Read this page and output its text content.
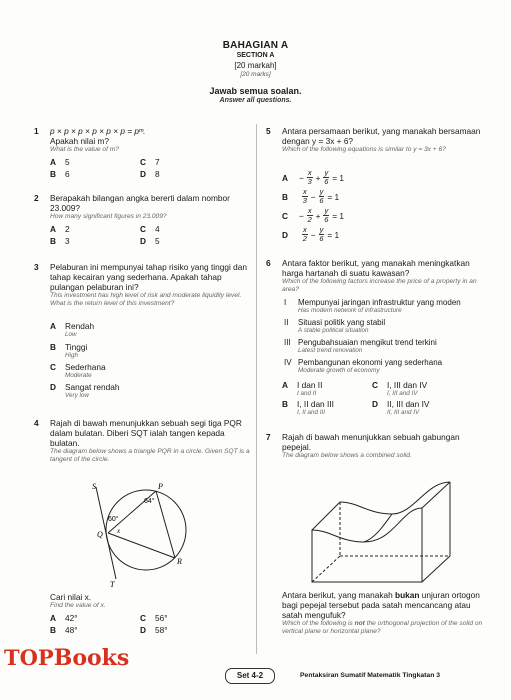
BAHAGIAN A
SECTION A
[20 markah]
[20 marks]
Jawab semua soalan.
Answer all questions.
1 p × p × p × p × p × p = pᵐ.
Apakah nilai m?
What is the value of m?
A 5
B 6
C 7
D 8
2 Berapakah bilangan angka bererti dalam nombor 23.009?
How many significant figures in 23.009?
A 2
B 3
C 4
D 5
3 Pelaburan ini mempunyai tahap risiko yang tinggi dan tahap kecairan yang sederhana. Apakah tahap pulangan pelaburan ini?
This investment has high level of risk and moderate liquidity level. What is the return level of this investment?
A Rendah
Low
B Tinggi
High
C Sederhana
Moderate
D Sangat rendah
Very low
4 Rajah di bawah menunjukkan sebuah segi tiga PQR dalam bulatan. Diberi SQT ialah tangen kepada bulatan.
The diagram below shows a triangle PQR in a circle. Given SQT is a tangent of the circle.
S	P
Q
R
T
x
64°
60°
Cari nilai x.
Find the value of x.
A 42°
B 48°
C 56°
D 58°
5 Antara persamaan berikut, yang manakah bersamaan dengan y = 3x + 6?
Which of the following equations is similar to y = 3x + 6?
A	− $\frac{x}{3} + \frac{y}{6} = 1$
B	$\frac{x}{3} - \frac{y}{6} = 1$
C	− $\frac{x}{2} + \frac{y}{6} = 1$
D	$\frac{x}{2} - \frac{y}{6} = 1$
6 Antara faktor berikut, yang manakah meningkatkan harga hartanah di suatu kawasan?
Which of the following factors increase the price of a property in an area?
I	Mempunyai jaringan infrastruktur yang moden
Has modern network of infrastructure
II	Situasi politik yang stabil
A stable political situation
III Pengubahsuaian mengikut trend terkini
Latest trend renovation
IV Pembangunan ekonomi yang sederhana
Moderate growth of economy
A I dan II
I and II
B I, II dan III
I, II and III
C I, III dan IV
I, III and IV
D II, III dan IV
II, III and IV
7 Rajah di bawah menunjukkan sebuah gabungan pepejal.
The diagram below shows a combined solid.
Antara berikut, yang manakah bukan unjuran ortogon bagi pepejal tersebut pada satah mencancang atau satah mengufuk?
Which of the following is not the orthogonal projection of the solid on vertical plane or horizontal plane?
Set 4-2	Pentaksiran Sumatif Matematik Tingkatan 3
TOPBooks
